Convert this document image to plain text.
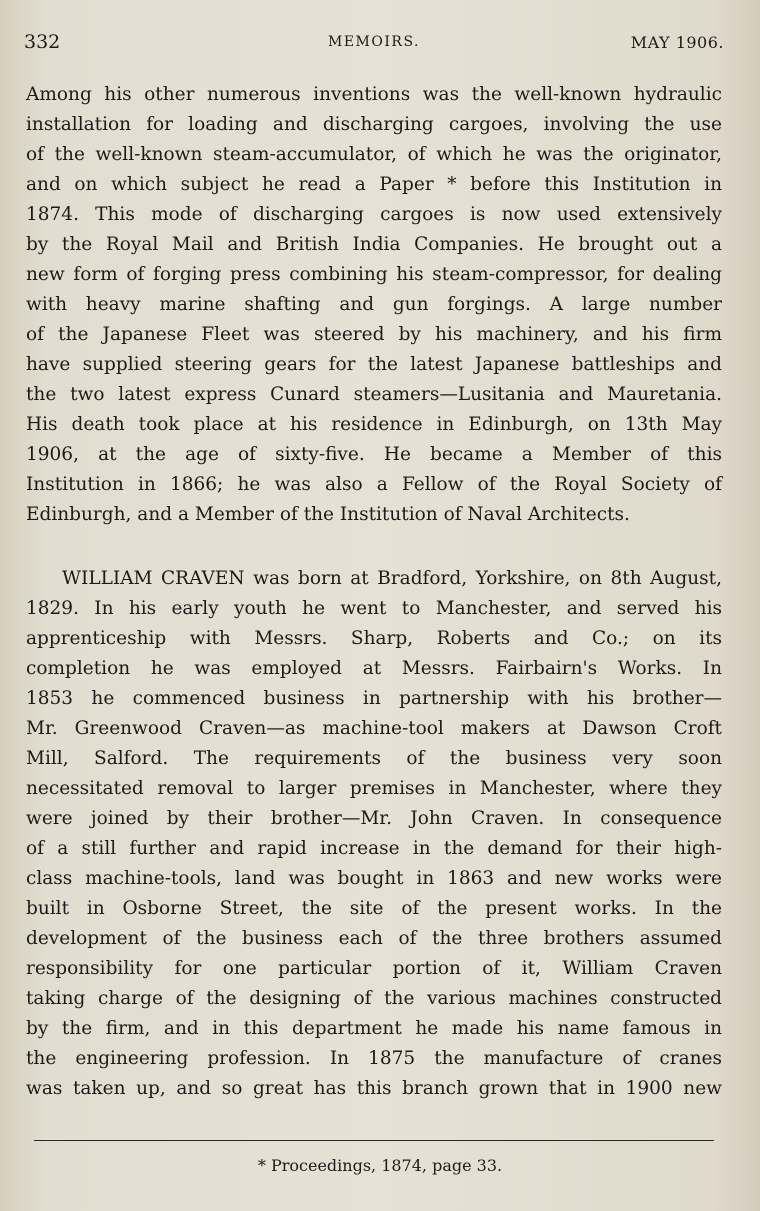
332	MEMOIRS.	MAY 1906.
Among his other numerous inventions was the well-known hydraulic
installation for loading and discharging cargoes, involving the use
of the well-known steam-accumulator, of which he was the originator,
and on which subject he read a Paper * before this Institution in
1874. This mode of discharging cargoes is now used extensively
by the Royal Mail and British India Companies. He brought out a
new form of forging press combining his steam-compressor, for dealing
with heavy marine shafting and gun forgings. A large number
of the Japanese Fleet was steered by his machinery, and his firm
have supplied steering gears for the latest Japanese battleships and
the two latest express Cunard steamers—Lusitania and Mauretania.
His death took place at his residence in Edinburgh, on 13th May
1906, at the age of sixty-five. He became a Member of this
Institution in 1866; he was also a Fellow of the Royal Society of
Edinburgh, and a Member of the Institution of Naval Architects.
WILLIAM CRAVEN was born at Bradford, Yorkshire, on 8th August,
1829. In his early youth he went to Manchester, and served his
apprenticeship with Messrs. Sharp, Roberts and Co.; on its
completion he was employed at Messrs. Fairbairn's Works. In
1853 he commenced business in partnership with his brother—
Mr. Greenwood Craven—as machine-tool makers at Dawson Croft
Mill, Salford. The requirements of the business very soon
necessitated removal to larger premises in Manchester, where they
were joined by their brother—Mr. John Craven. In consequence
of a still further and rapid increase in the demand for their high-
class machine-tools, land was bought in 1863 and new works were
built in Osborne Street, the site of the present works. In the
development of the business each of the three brothers assumed
responsibility for one particular portion of it, William Craven
taking charge of the designing of the various machines constructed
by the firm, and in this department he made his name famous in
the engineering profession. In 1875 the manufacture of cranes
was taken up, and so great has this branch grown that in 1900 new
* Proceedings, 1874, page 33.
